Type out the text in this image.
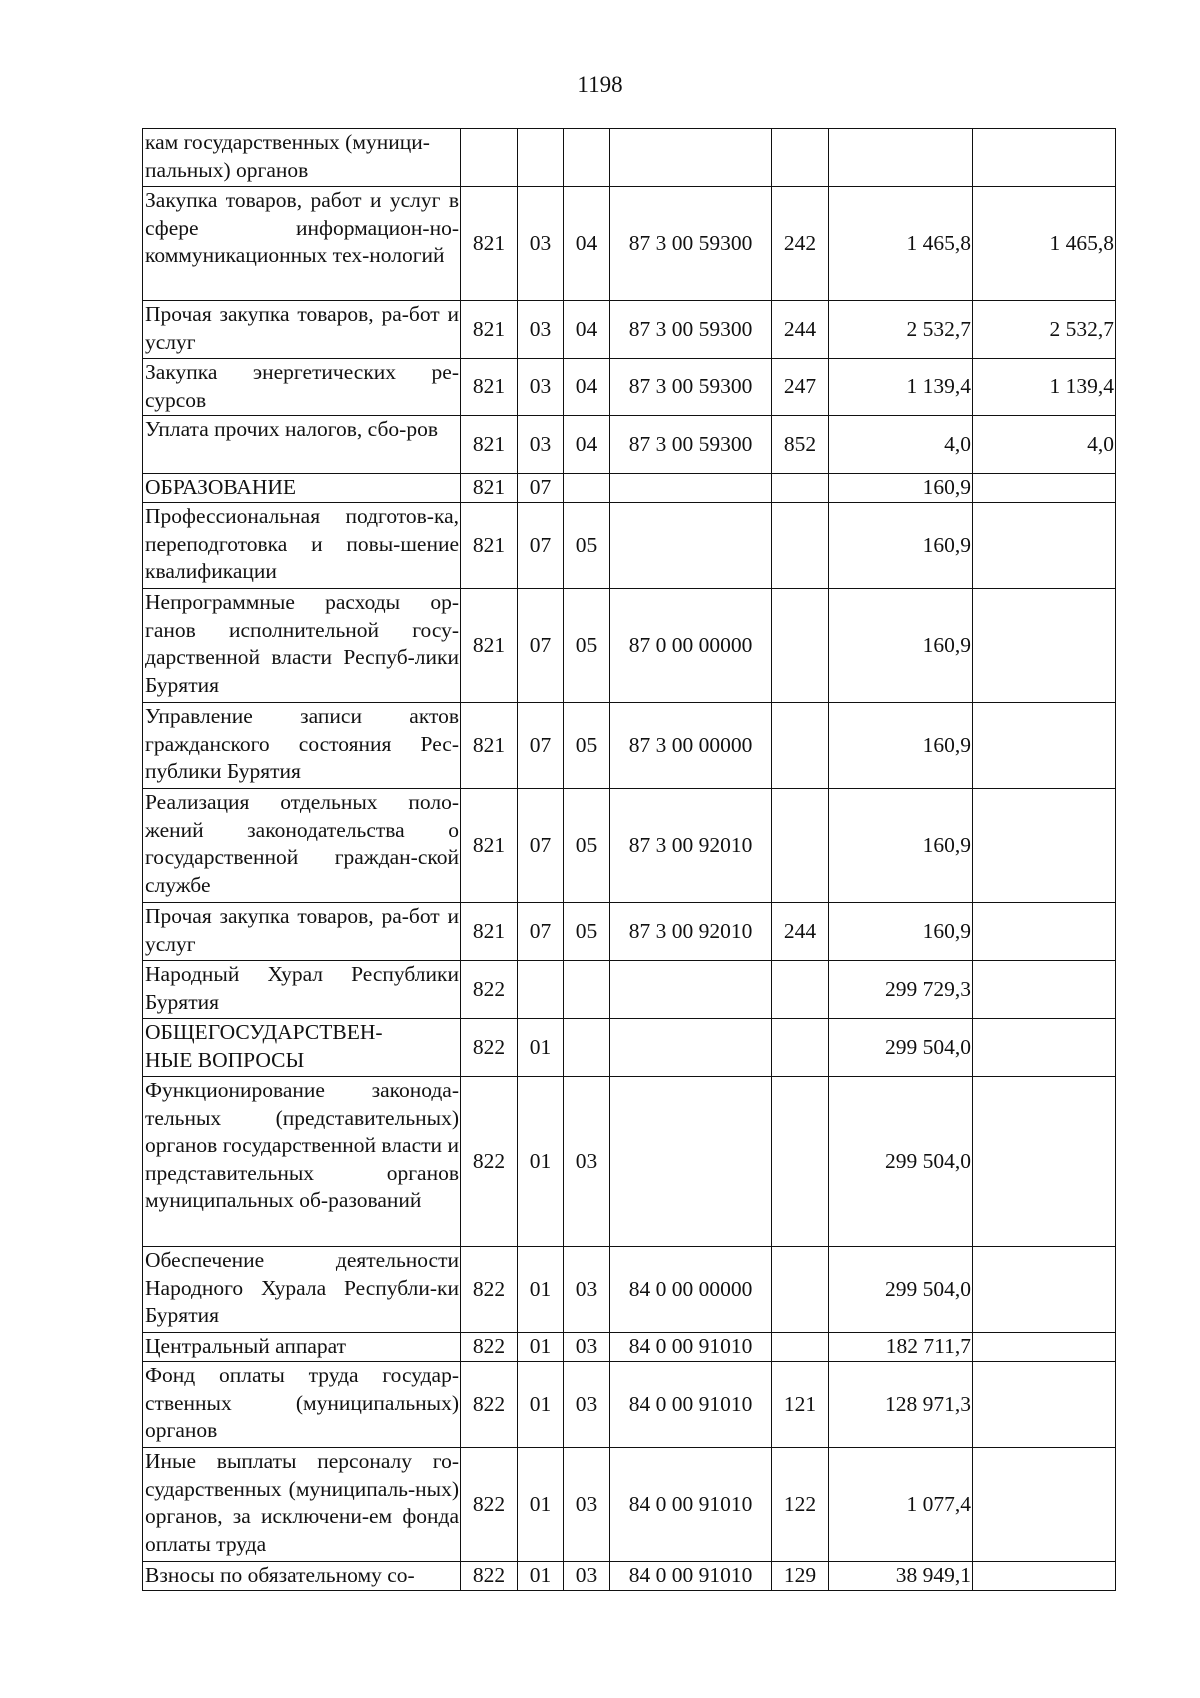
1198
кам государственных (муници-
пальных) органов							
Закупка товаров, работ и услуг в сфере информацион-но-коммуникационных тех-нологий	821	03	04	87 3 00 59300	242	1 465,8	1 465,8
Прочая закупка товаров, ра-бот и услуг	821	03	04	87 3 00 59300	244	2 532,7	2 532,7
Закупка энергетических ре-сурсов	821	03	04	87 3 00 59300	247	1 139,4	1 139,4
Уплата прочих налогов, сбо-ров	821	03	04	87 3 00 59300	852	4,0	4,0
ОБРАЗОВАНИЕ	821	07				160,9	
Профессиональная подготов-ка, переподготовка и повы-шение квалификации	821	07	05			160,9	
Непрограммные расходы ор-ганов исполнительной госу-дарственной власти Респуб-лики Бурятия	821	07	05	87 0 00 00000		160,9	
Управление записи актов гражданского состояния Рес-публики Бурятия	821	07	05	87 3 00 00000		160,9	
Реализация отдельных поло-жений законодательства о государственной граждан-ской службе	821	07	05	87 3 00 92010		160,9	
Прочая закупка товаров, ра-бот и услуг	821	07	05	87 3 00 92010	244	160,9	
Народный Хурал Республики Бурятия	822					299 729,3	
ОБЩЕГОСУДАРСТВЕН-
НЫЕ ВОПРОСЫ	822	01				299 504,0	
Функционирование законода-тельных (представительных) органов государственной власти и представительных органов муниципальных об-разований	822	01	03			299 504,0	
Обеспечение деятельности Народного Хурала Республи-ки Бурятия	822	01	03	84 0 00 00000		299 504,0	
Центральный аппарат	822	01	03	84 0 00 91010		182 711,7	
Фонд оплаты труда государ-ственных (муниципальных) органов	822	01	03	84 0 00 91010	121	128 971,3	
Иные выплаты персоналу го-сударственных (муниципаль-ных) органов, за исключени-ем фонда оплаты труда	822	01	03	84 0 00 91010	122	1 077,4	
Взносы по обязательному со-	822	01	03	84 0 00 91010	129	38 949,1	
